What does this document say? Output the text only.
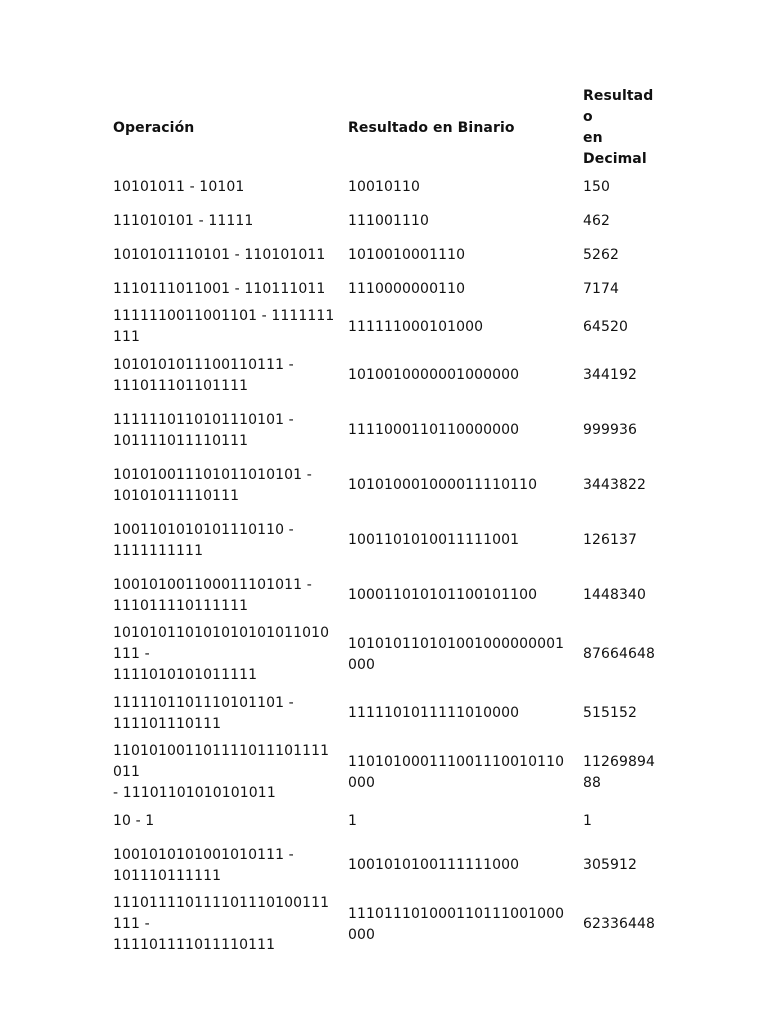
Operación	Resultado en Binario	Resultado
en
Decimal
10101011 - 10101	10010110	150
111010101 - 11111	111001110	462
1010101110101 - 110101011	1010010001110	5262
1110111011001 - 110111011	1110000000110	7174
1111110011001101 - 1111111111	111111000101000	64520
1010101011100110111 -
111011101101111	1010010000001000000	344192
1111110110101110101 -
101111011110111	1111000110110000000	999936
101010011101011010101 -
10101011110111	101010001000011110110	3443822
1001101010101110110 -
1111111111	1001101010011111001	126137
100101001100011101011 -
111011110111111	100011010101100101100	1448340
101010110101010101011010111 -
1111010101011111	101010110101001000000001000	87664648
1111101101110101101 -
111101110111	1111101011111010000	515152
110101001101111011101111011
- 11101101010101011	110101000111001110010110000	11269894
88
10 - 1	1	1
1001010101001010111 -
101110111111	1001010100111111000	305912
111011110111101110100111111 -
111101111011110111	111011101000110111001000000	62336448
